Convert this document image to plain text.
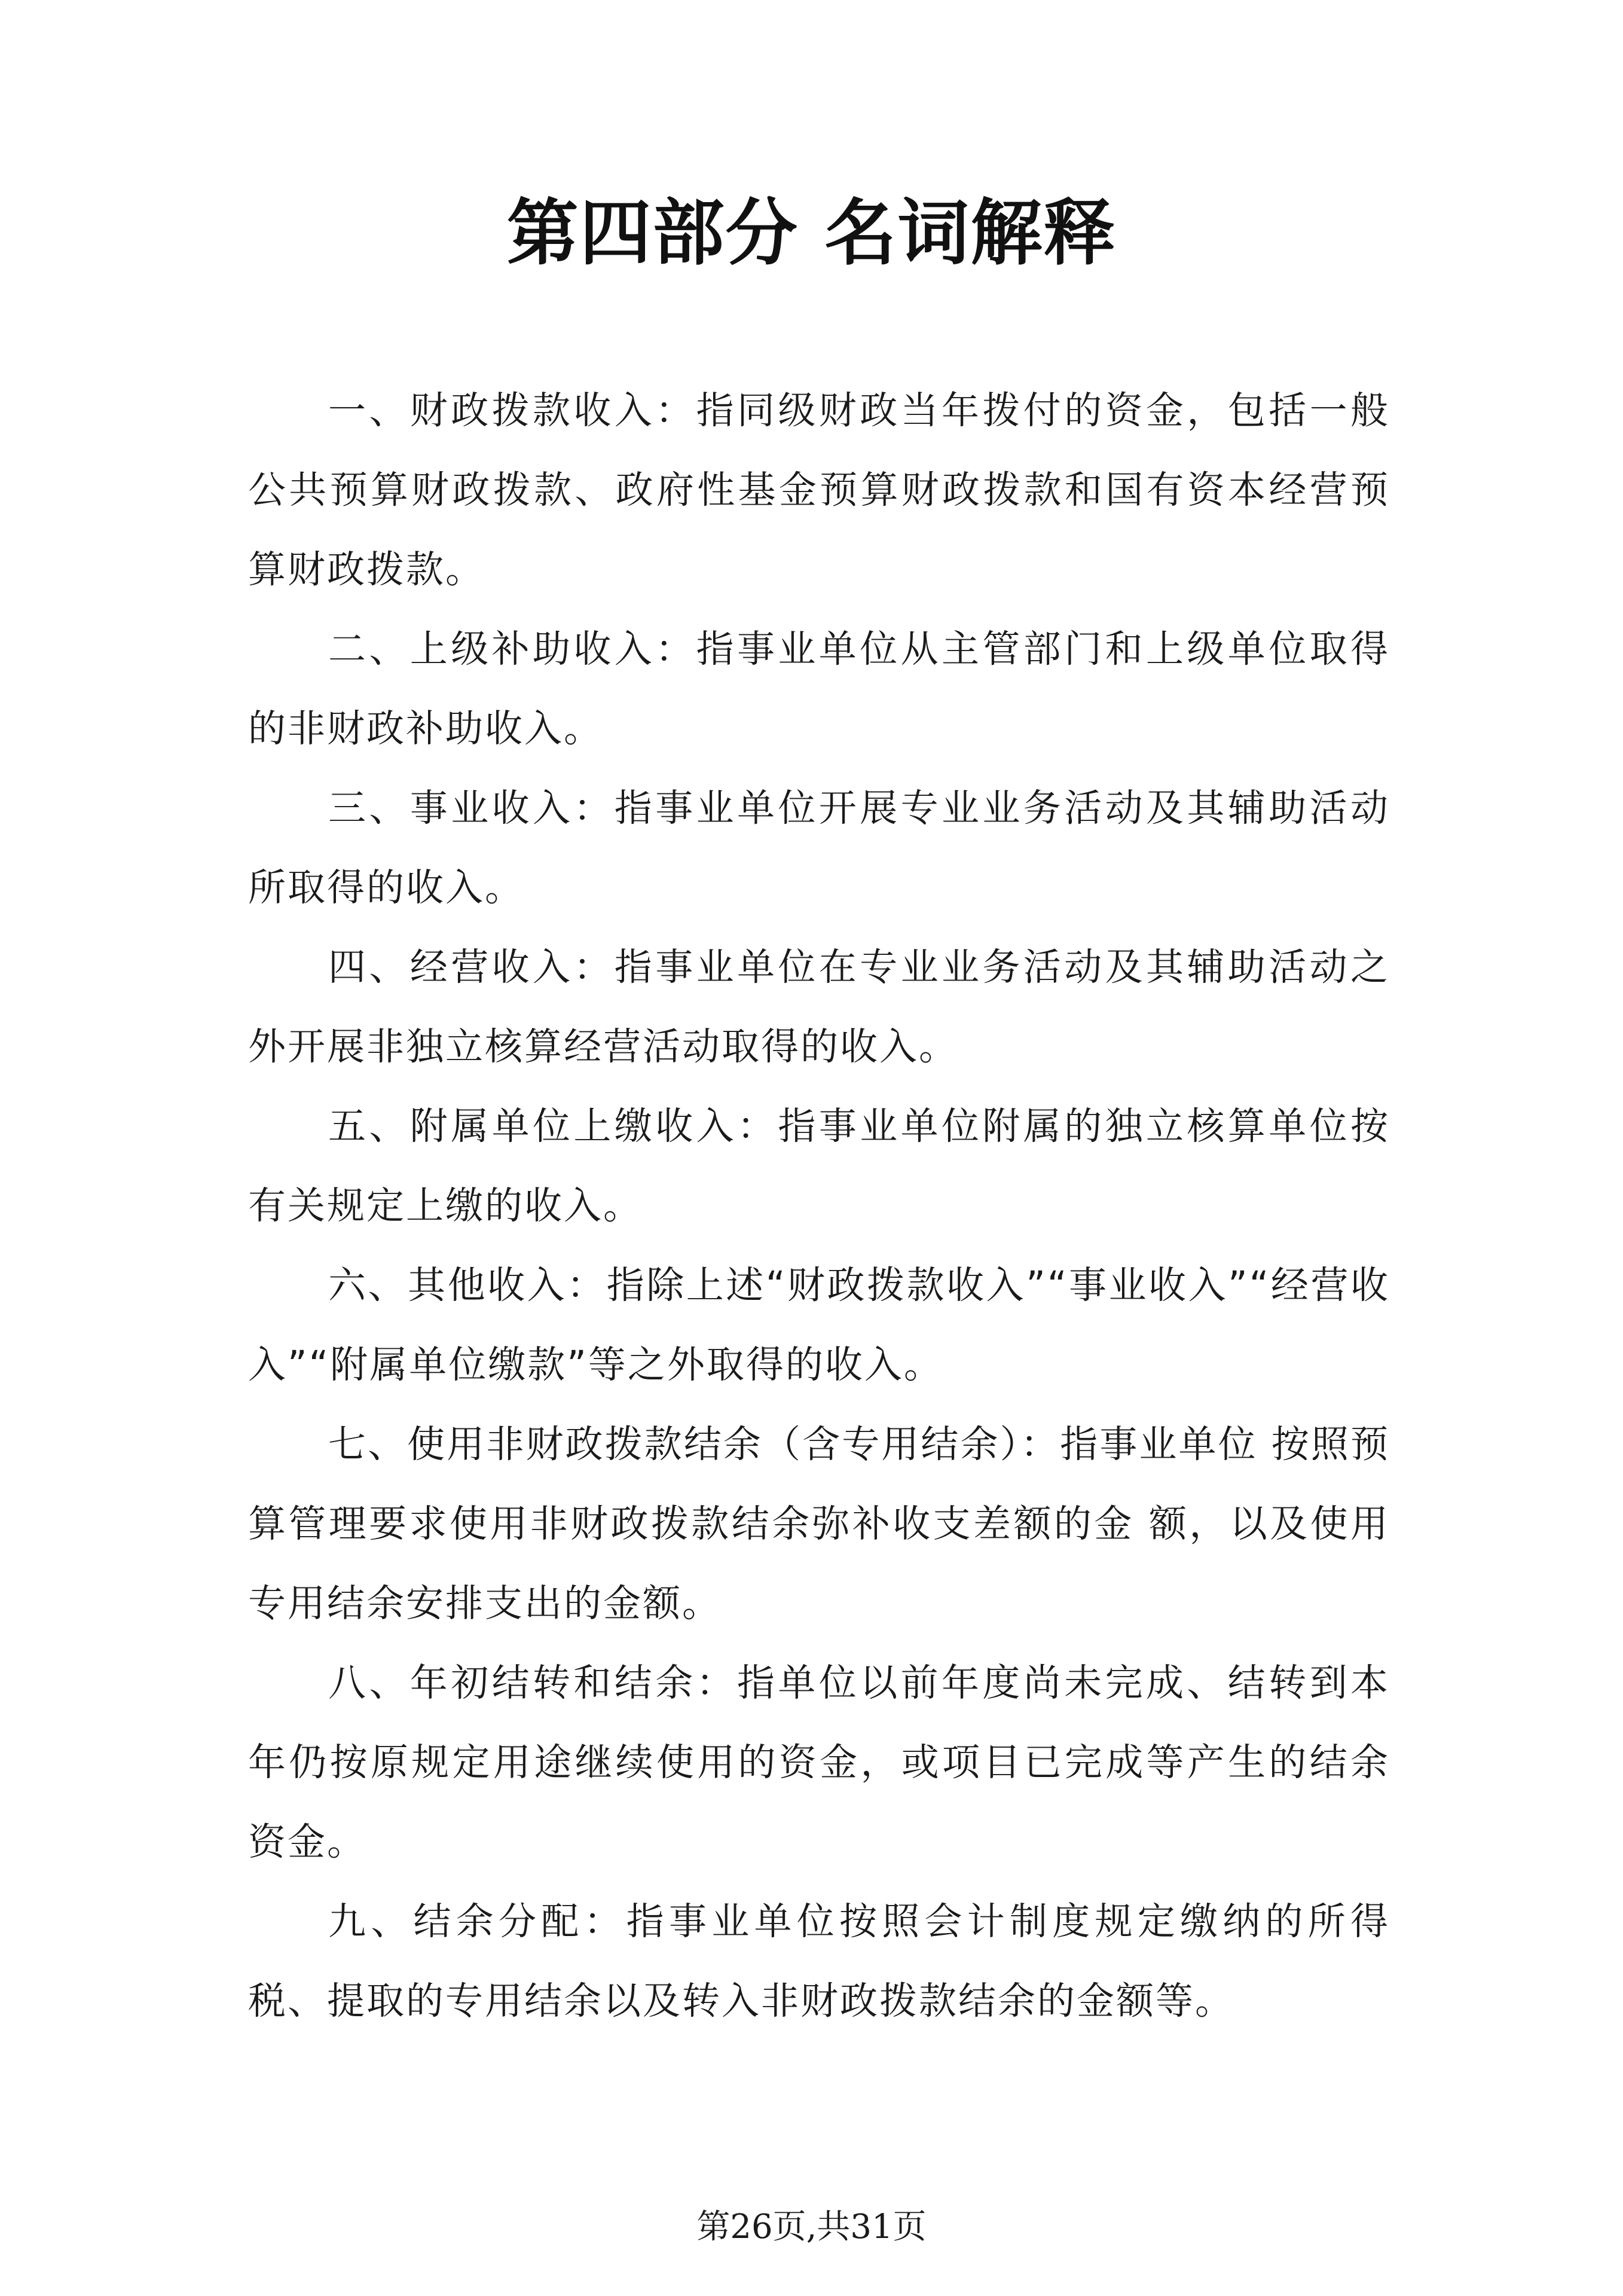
第四部分 名词解释

一、财政拨款收入：指同级财政当年拨付的资金，包括一般公共预算财政拨款、政府性基金预算财政拨款和国有资本经营预算财政拨款。

二、上级补助收入：指事业单位从主管部门和上级单位取得的非财政补助收入。

三、事业收入：指事业单位开展专业业务活动及其辅助活动所取得的收入。

四、经营收入：指事业单位在专业业务活动及其辅助活动之外开展非独立核算经营活动取得的收入。

五、附属单位上缴收入：指事业单位附属的独立核算单位按有关规定上缴的收入。

六、其他收入：指除上述“财政拨款收入”“事业收入”“经营收入”“附属单位缴款”等之外取得的收入。

七、使用非财政拨款结余（含专用结余）：指事业单位 按照预算管理要求使用非财政拨款结余弥补收支差额的金 额，以及使用专用结余安排支出的金额。

八、年初结转和结余：指单位以前年度尚未完成、结转到本年仍按原规定用途继续使用的资金，或项目已完成等产生的结余资金。

九、结余分配：指事业单位按照会计制度规定缴纳的所得税、提取的专用结余以及转入非财政拨款结余的金额等。

第26页,共31页
